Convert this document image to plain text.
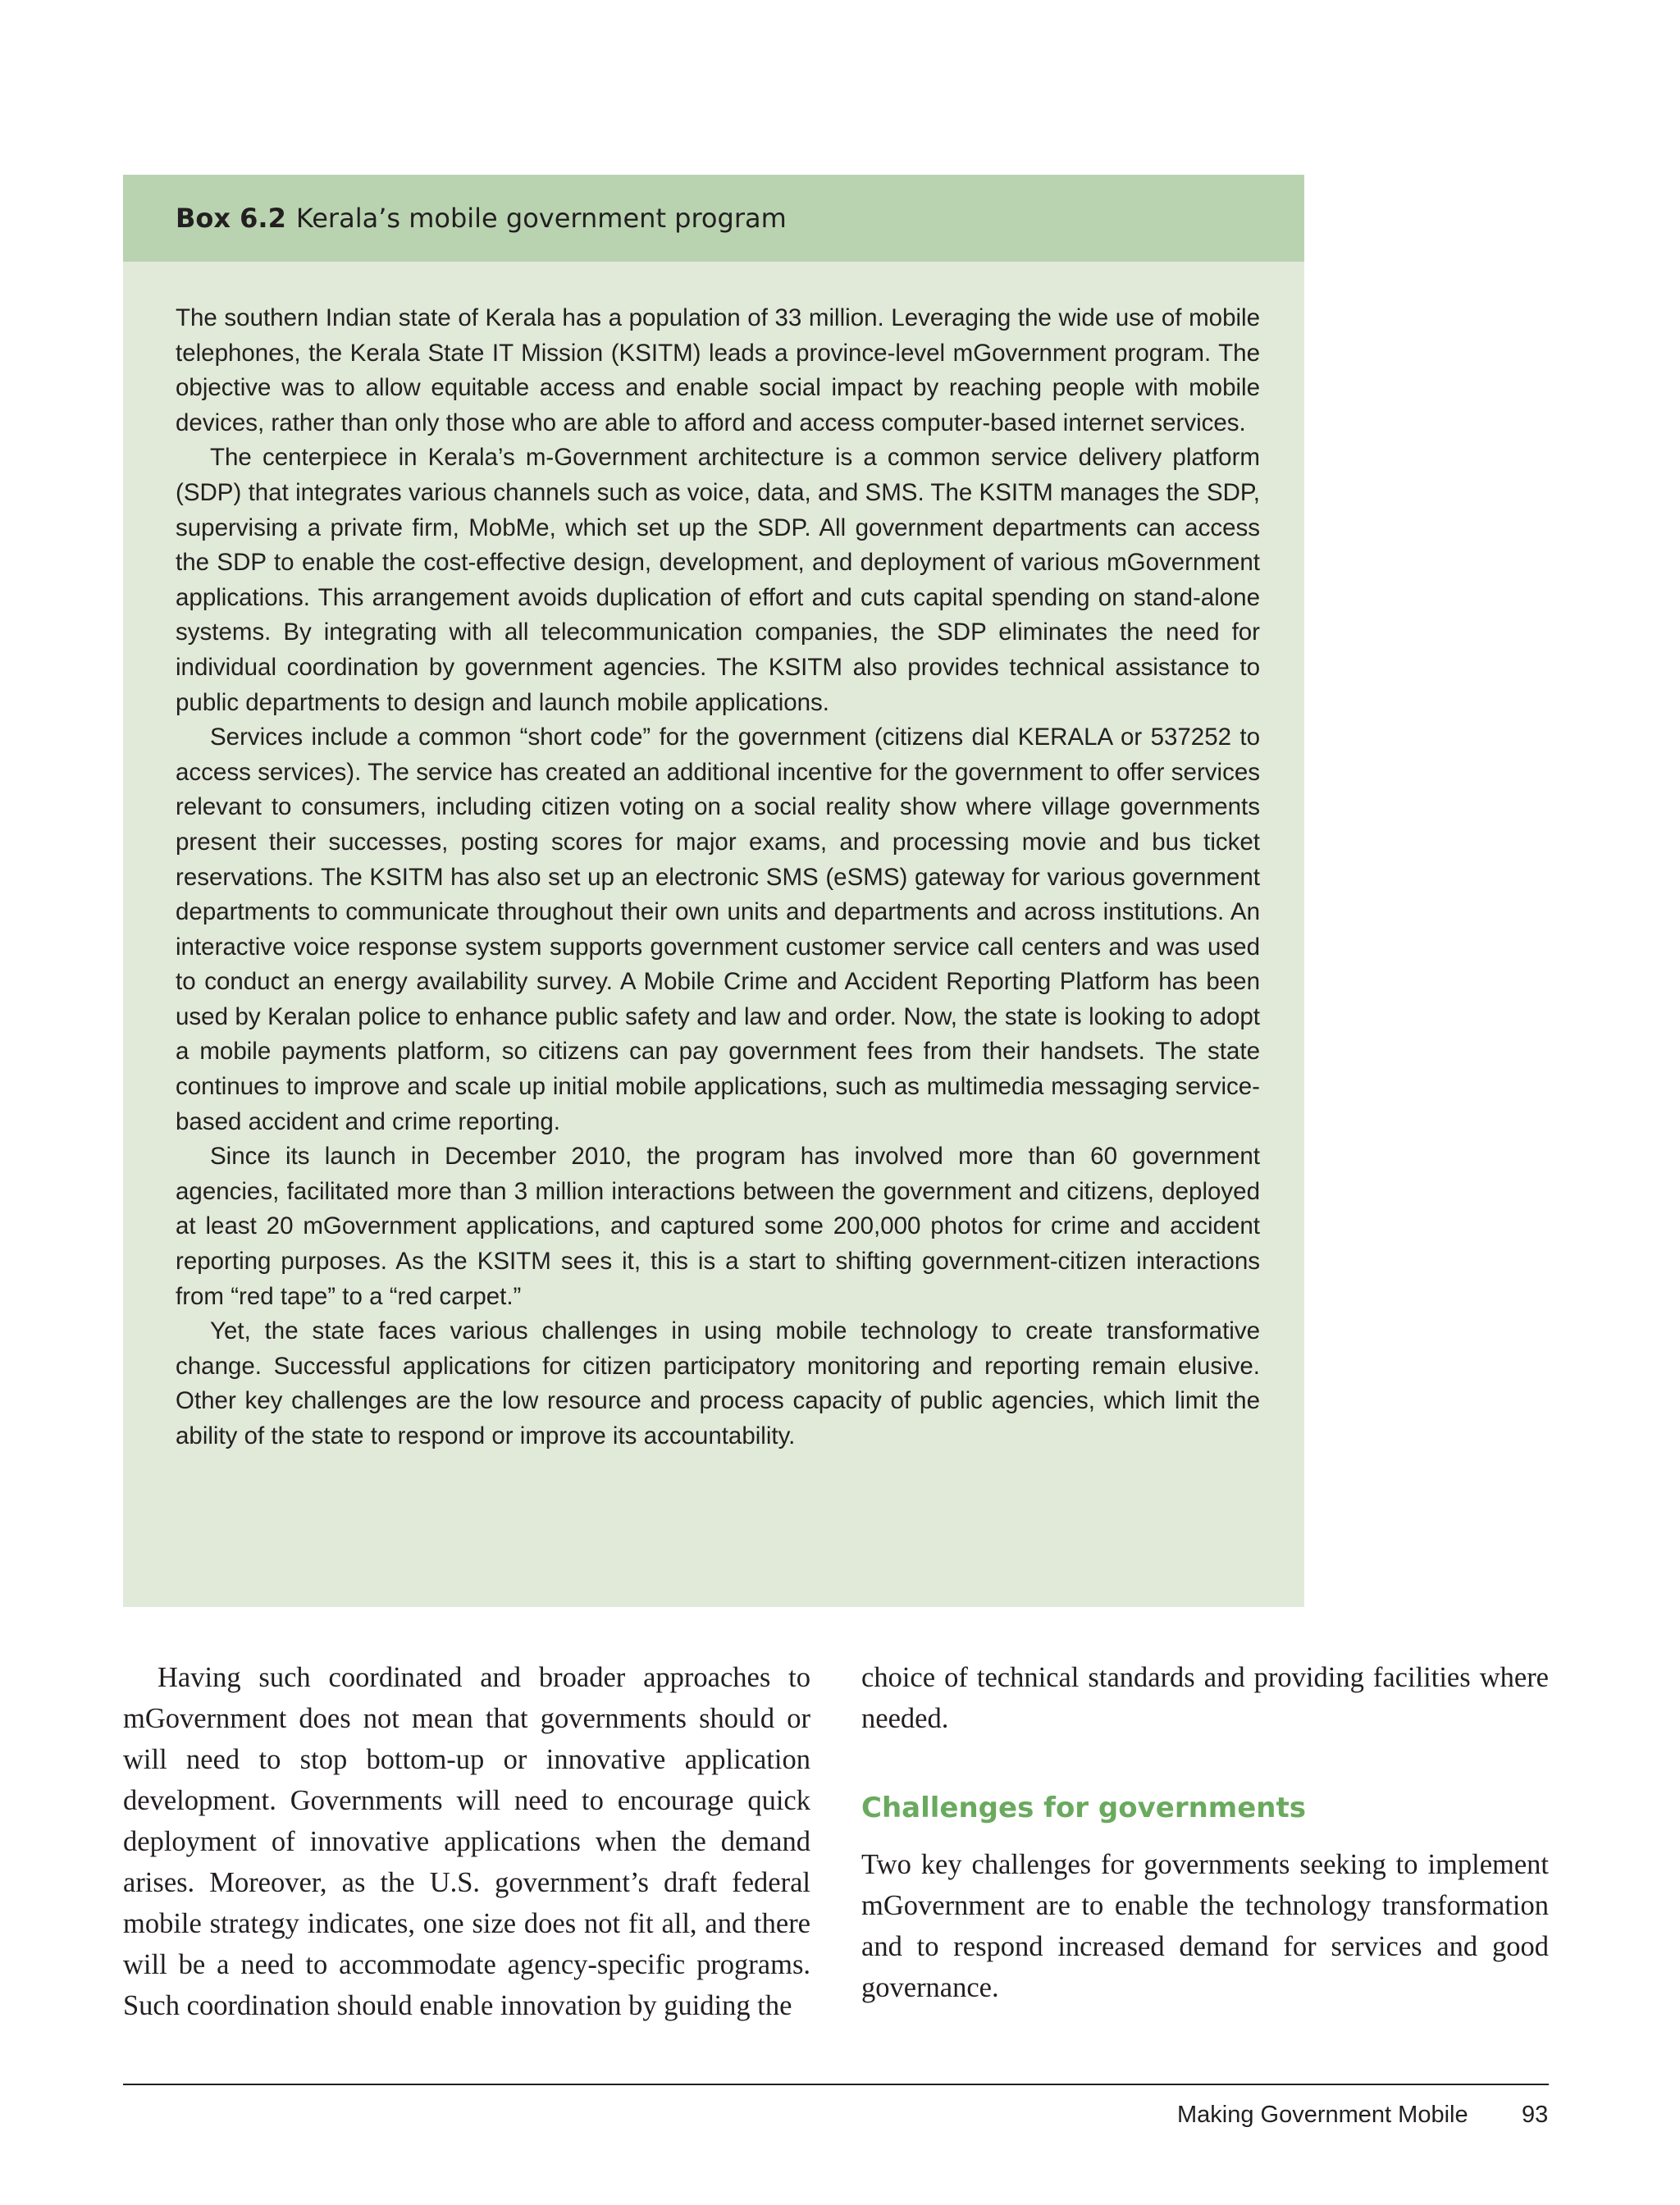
Box 6.2 Kerala’s mobile government program

The southern Indian state of Kerala has a population of 33 million. Leveraging the wide use of mobile telephones, the Kerala State IT Mission (KSITM) leads a province-level mGovernment program. The objective was to allow equitable access and enable social impact by reaching people with mobile devices, rather than only those who are able to afford and access computer-based internet services.

The centerpiece in Kerala’s m-Government architecture is a common service delivery platform (SDP) that integrates various channels such as voice, data, and SMS. The KSITM manages the SDP, supervising a private firm, MobMe, which set up the SDP. All government departments can access the SDP to enable the cost-effective design, development, and deployment of various mGovernment applications. This arrangement avoids duplication of effort and cuts capital spending on stand-alone systems. By integrating with all telecommunication companies, the SDP eliminates the need for individual coordination by government agencies. The KSITM also provides technical assistance to public departments to design and launch mobile applications.

Services include a common “short code” for the government (citizens dial KERALA or 537252 to access services). The service has created an additional incentive for the government to offer services relevant to consumers, including citizen voting on a social reality show where village governments present their successes, posting scores for major exams, and processing movie and bus ticket reservations. The KSITM has also set up an electronic SMS (eSMS) gateway for various government departments to communicate throughout their own units and departments and across institutions. An interactive voice response system supports government customer service call centers and was used to conduct an energy availability survey. A Mobile Crime and Accident Reporting Platform has been used by Keralan police to enhance public safety and law and order. Now, the state is looking to adopt a mobile payments platform, so citizens can pay government fees from their handsets. The state continues to improve and scale up initial mobile applications, such as multimedia messaging service-based accident and crime reporting.

Since its launch in December 2010, the program has involved more than 60 government agencies, facilitated more than 3 million interactions between the government and citizens, deployed at least 20 mGovernment applications, and captured some 200,000 photos for crime and accident reporting purposes. As the KSITM sees it, this is a start to shifting government-citizen interactions from “red tape” to a “red carpet.”

Yet, the state faces various challenges in using mobile technology to create transformative change. Successful applications for citizen participatory monitoring and reporting remain elusive. Other key challenges are the low resource and process capacity of public agencies, which limit the ability of the state to respond or improve its accountability.

Having such coordinated and broader approaches to mGovernment does not mean that governments should or will need to stop bottom-up or innovative application development. Governments will need to encourage quick deployment of innovative applications when the demand arises. Moreover, as the U.S. government’s draft federal mobile strategy indicates, one size does not fit all, and there will be a need to accommodate agency-specific programs. Such coordination should enable innovation by guiding the

choice of technical standards and providing facilities where needed.

Challenges for governments

Two key challenges for governments seeking to implement mGovernment are to enable the technology transformation and to respond increased demand for services and good governance.

Making Government Mobile 93
